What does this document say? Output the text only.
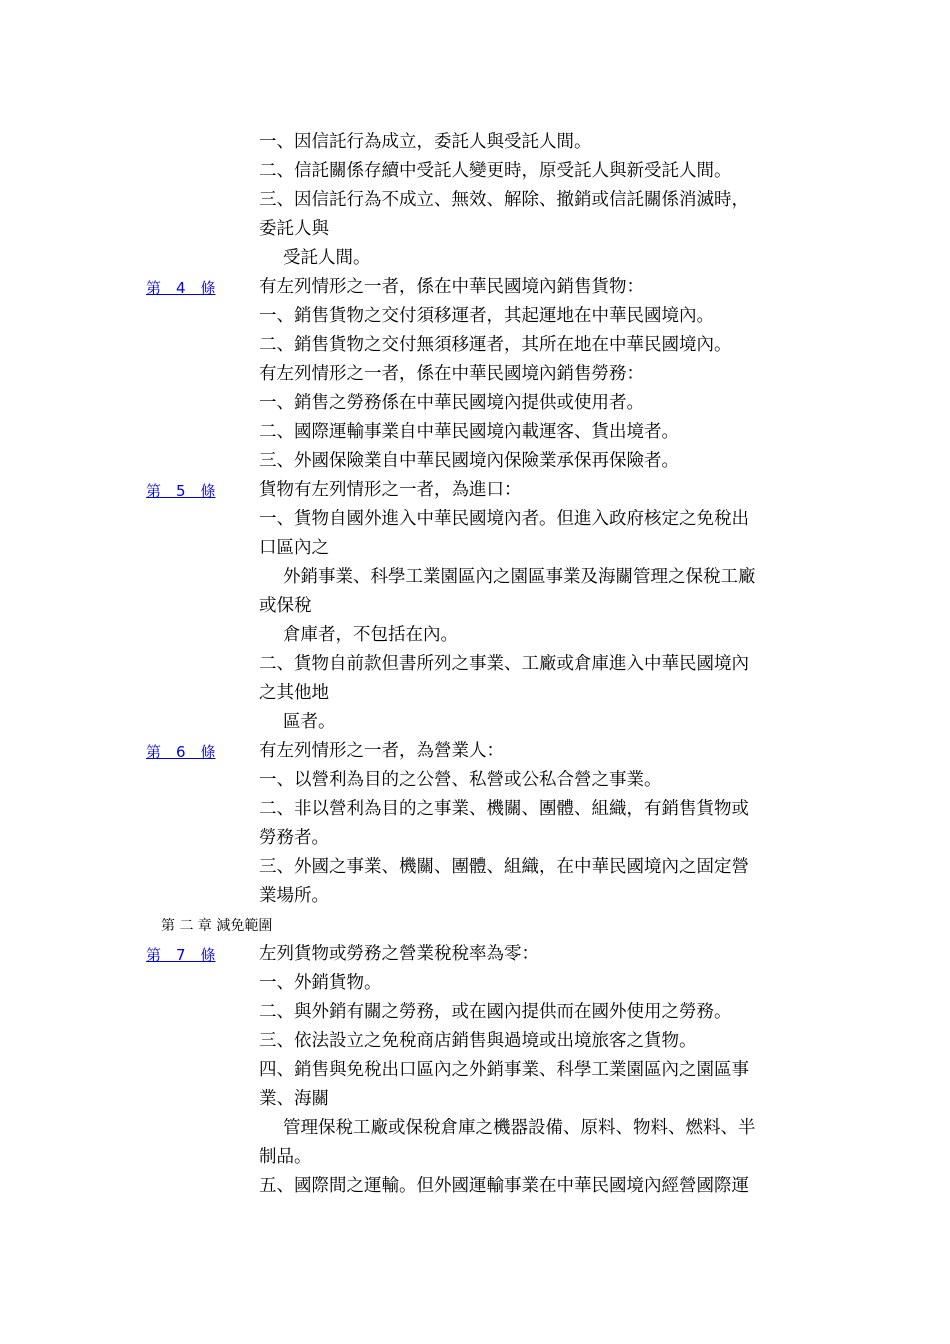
一、因信託行為成立，委託人與受託人間。
二、信託關係存續中受託人變更時，原受託人與新受託人間。
三、因信託行為不成立、無效、解除、撤銷或信託關係消滅時，
委託人與
受託人間。
第　4　條 有左列情形之一者，係在中華民國境內銷售貨物：
一、銷售貨物之交付須移運者，其起運地在中華民國境內。
二、銷售貨物之交付無須移運者，其所在地在中華民國境內。
有左列情形之一者，係在中華民國境內銷售勞務：
一、銷售之勞務係在中華民國境內提供或使用者。
二、國際運輸事業自中華民國境內載運客、貨出境者。
三、外國保險業自中華民國境內保險業承保再保險者。
第　5　條 貨物有左列情形之一者，為進口：
一、貨物自國外進入中華民國境內者。但進入政府核定之免稅出
口區內之
外銷事業、科學工業園區內之園區事業及海關管理之保稅工廠
或保稅
倉庫者，不包括在內。
二、貨物自前款但書所列之事業、工廠或倉庫進入中華民國境內
之其他地
區者。
第　6　條 有左列情形之一者，為營業人：
一、以營利為目的之公營、私營或公私合營之事業。
二、非以營利為目的之事業、機關、團體、組織，有銷售貨物或
勞務者。
三、外國之事業、機關、團體、組織，在中華民國境內之固定營
業場所。
第 二 章 減免範圍
第　7　條 左列貨物或勞務之營業稅稅率為零：
一、外銷貨物。
二、與外銷有關之勞務，或在國內提供而在國外使用之勞務。
三、依法設立之免稅商店銷售與過境或出境旅客之貨物。
四、銷售與免稅出口區內之外銷事業、科學工業園區內之園區事
業、海關
管理保稅工廠或保稅倉庫之機器設備、原料、物料、燃料、半
制品。
五、國際間之運輸。但外國運輸事業在中華民國境內經營國際運
